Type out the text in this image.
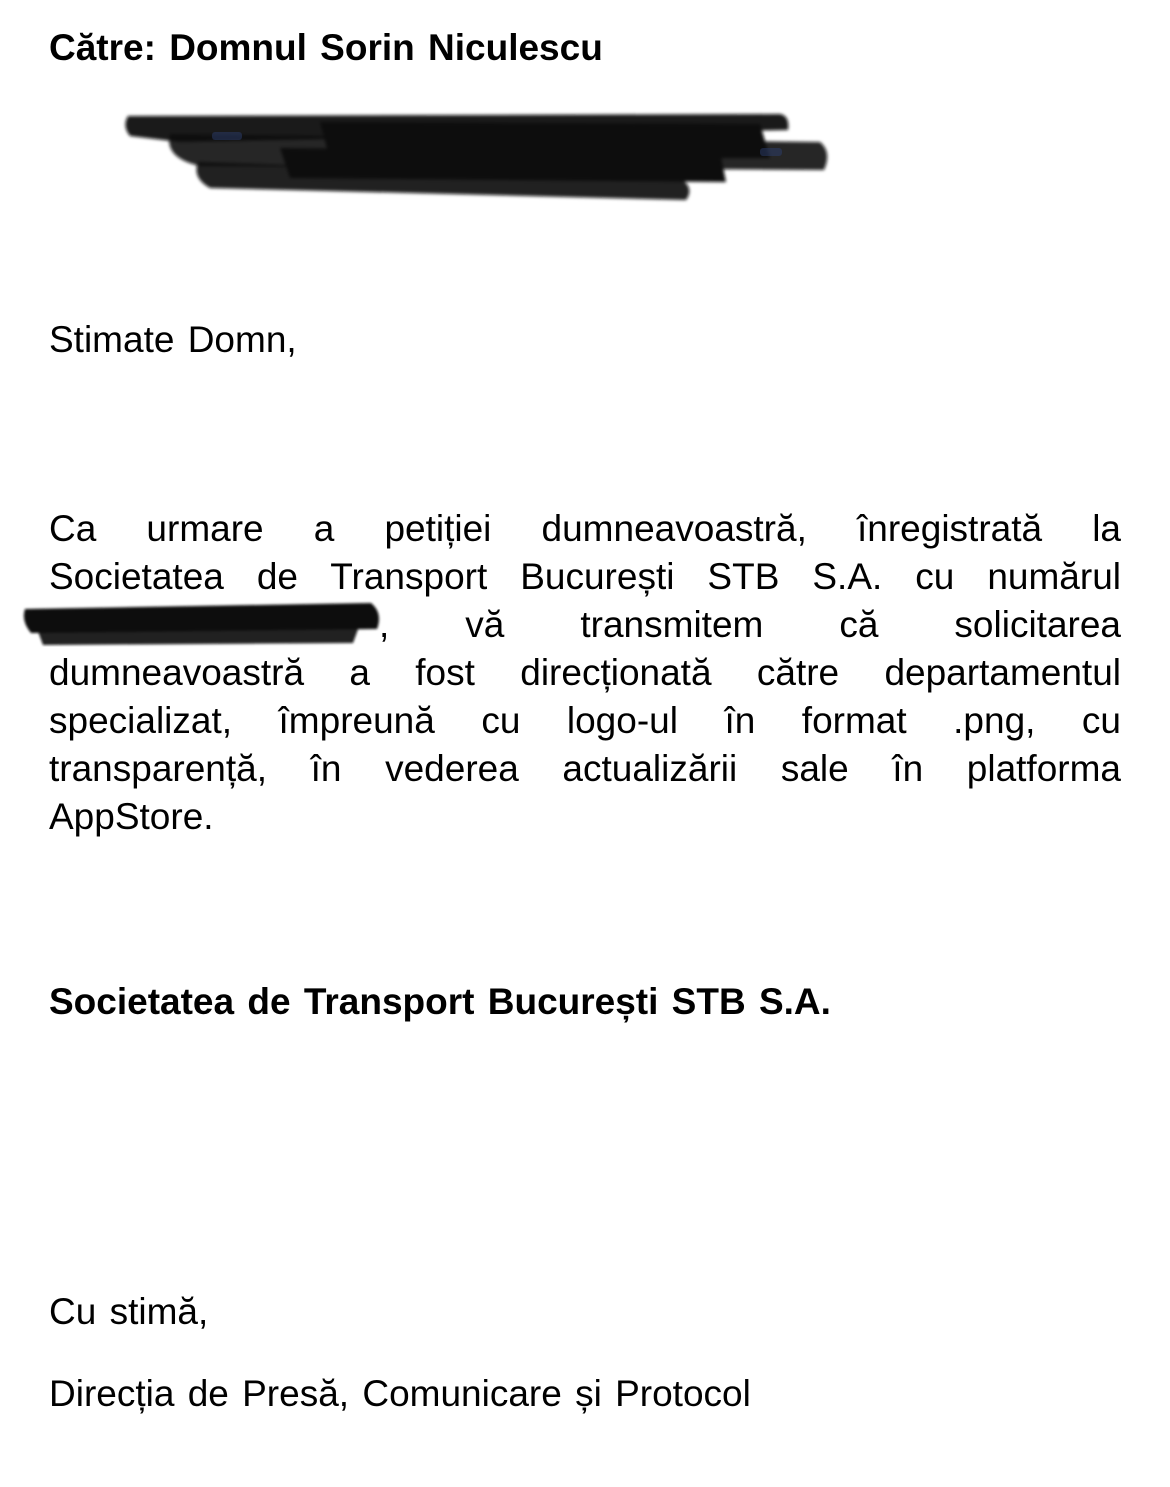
Către: Domnul Sorin Niculescu
Stimate Domn,
Ca urmare a petiției dumneavoastră, înregistrată la
Societatea de Transport București STB S.A. cu numărul
, vă transmitem că solicitarea
dumneavoastră a fost direcționată către departamentul
specializat, împreună cu logo-ul în format .png, cu
transparență, în vederea actualizării sale în platforma
AppStore.
Societatea de Transport București STB S.A.
Cu stimă,
Direcția de Presă, Comunicare și Protocol
